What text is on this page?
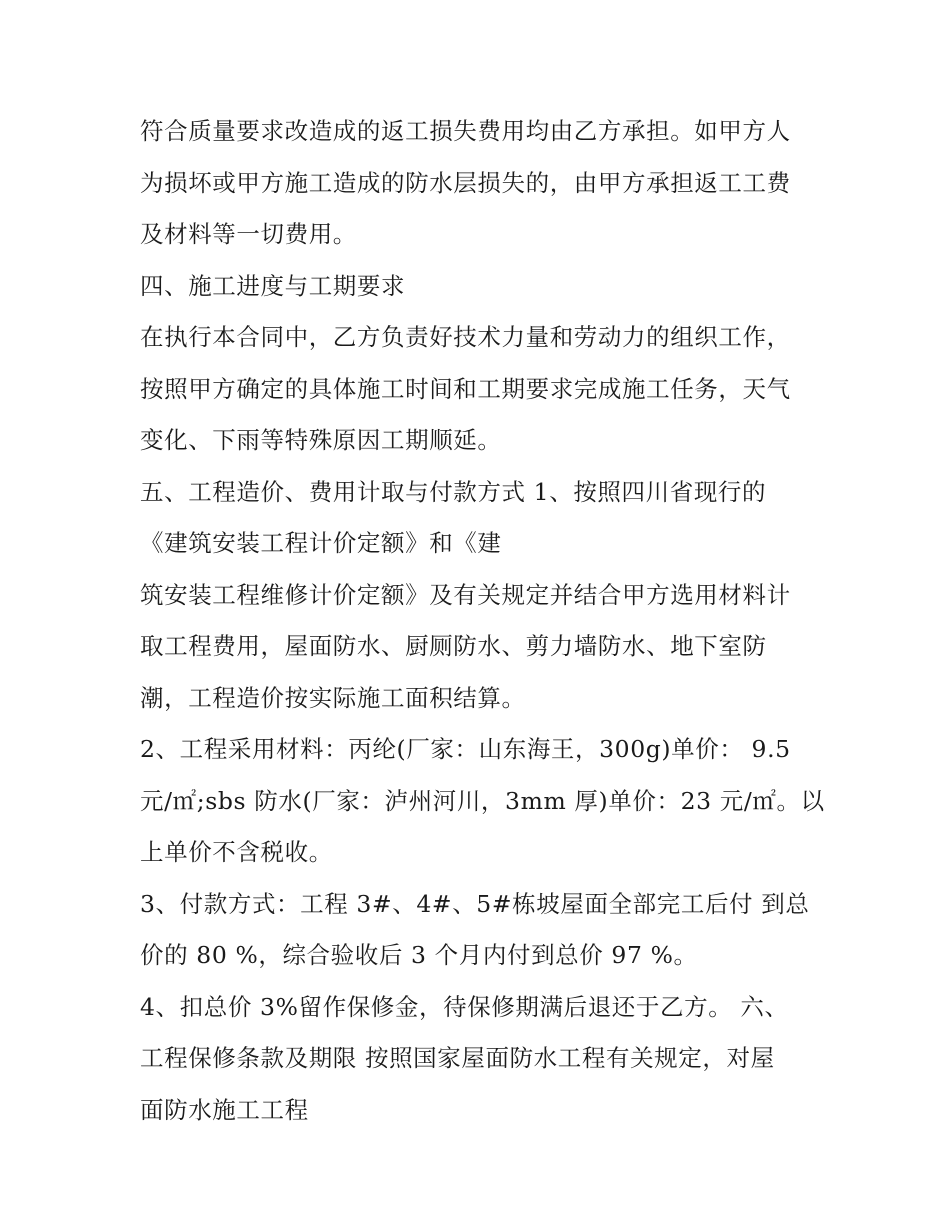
符合质量要求改造成的返工损失费用均由乙方承担。如甲方人
为损坏或甲方施工造成的防水层损失的，由甲方承担返工工费
及材料等一切费用。
四、施工进度与工期要求
在执行本合同中，乙方负责好技术力量和劳动力的组织工作，
按照甲方确定的具体施工时间和工期要求完成施工任务，天气
变化、下雨等特殊原因工期顺延。
五、工程造价、费用计取与付款方式 1、按照四川省现行的
《建筑安装工程计价定额》和《建
筑安装工程维修计价定额》及有关规定并结合甲方选用材料计
取工程费用，屋面防水、厨厕防水、剪力墙防水、地下室防
潮，工程造价按实际施工面积结算。
2、工程采用材料：丙纶(厂家：山东海王，300g)单价： 9.5
元/㎡;sbs 防水(厂家：泸州河川，3mm 厚)单价：23 元/㎡。以
上单价不含税收。
3、付款方式：工程 3#、4#、5#栋坡屋面全部完工后付 到总
价的 80 %，综合验收后 3 个月内付到总价 97 %。
4、扣总价 3%留作保修金，待保修期满后退还于乙方。 六、
工程保修条款及期限 按照国家屋面防水工程有关规定，对屋
面防水施工工程
